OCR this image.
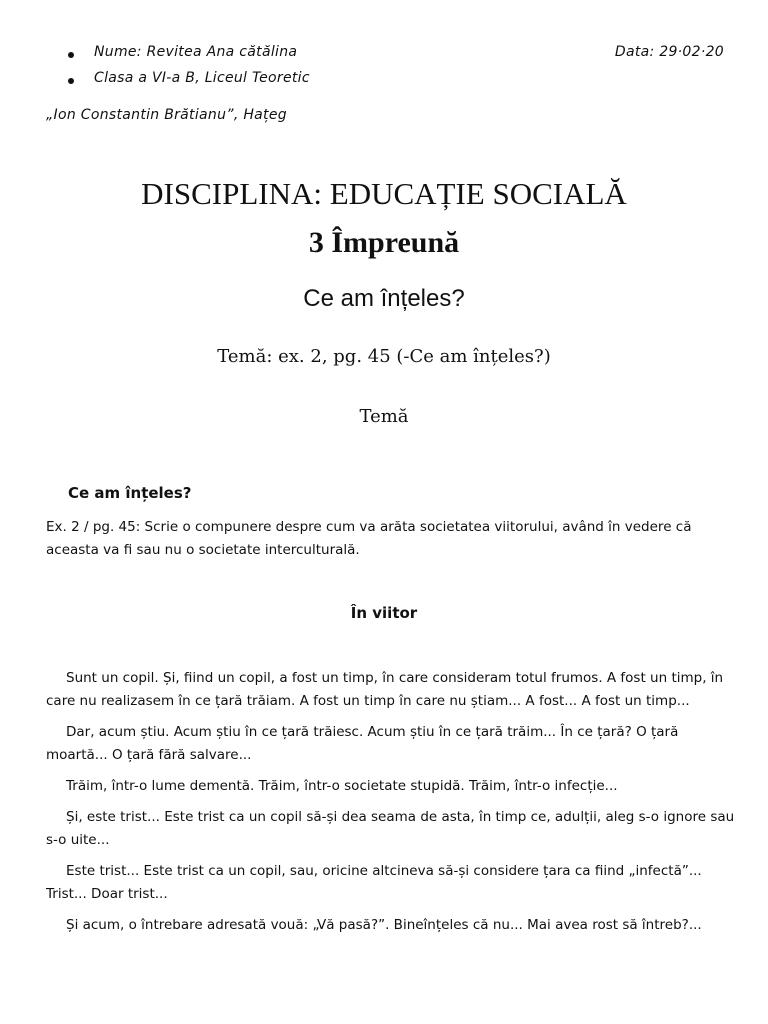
Nume: Revitea Ana cătălina	Data: 29·02·20
Clasa a VI-a B, Liceul Teoretic
„Ion Constantin Brătianu”, Hațeg
DISCIPLINA: EDUCAȚIE SOCIALĂ
3 Împreună
Ce am înțeles?
Temă: ex. 2, pg. 45 (-Ce am înțeles?)
Temă
Ce am înțeles?
Ex. 2 / pg. 45: Scrie o compunere despre cum va arăta societatea viitorului, având în vedere că aceasta va fi sau nu o societate interculturală.
În viitor

Sunt un copil. Și, fiind un copil, a fost un timp, în care consideram totul frumos. A fost un timp, în care nu realizasem în ce țară trăiam. A fost un timp în care nu știam... A fost... A fost un timp...

Dar, acum știu. Acum știu în ce țară trăiesc. Acum știu în ce țară trăim... În ce țară? O țară moartă... O țară fără salvare...

Trăim, într-o lume dementă. Trăim, într-o societate stupidă. Trăim, într-o infecție...

Și, este trist... Este trist ca un copil să-și dea seama de asta, în timp ce, adulții, aleg s-o ignore sau s-o uite...

Este trist... Este trist ca un copil, sau, oricine altcineva să-și considere țara ca fiind „infectă”... Trist... Doar trist...

Și acum, o întrebare adresată vouă: „Vă pasă?”. Bineînțeles că nu... Mai avea rost să întreb?...
